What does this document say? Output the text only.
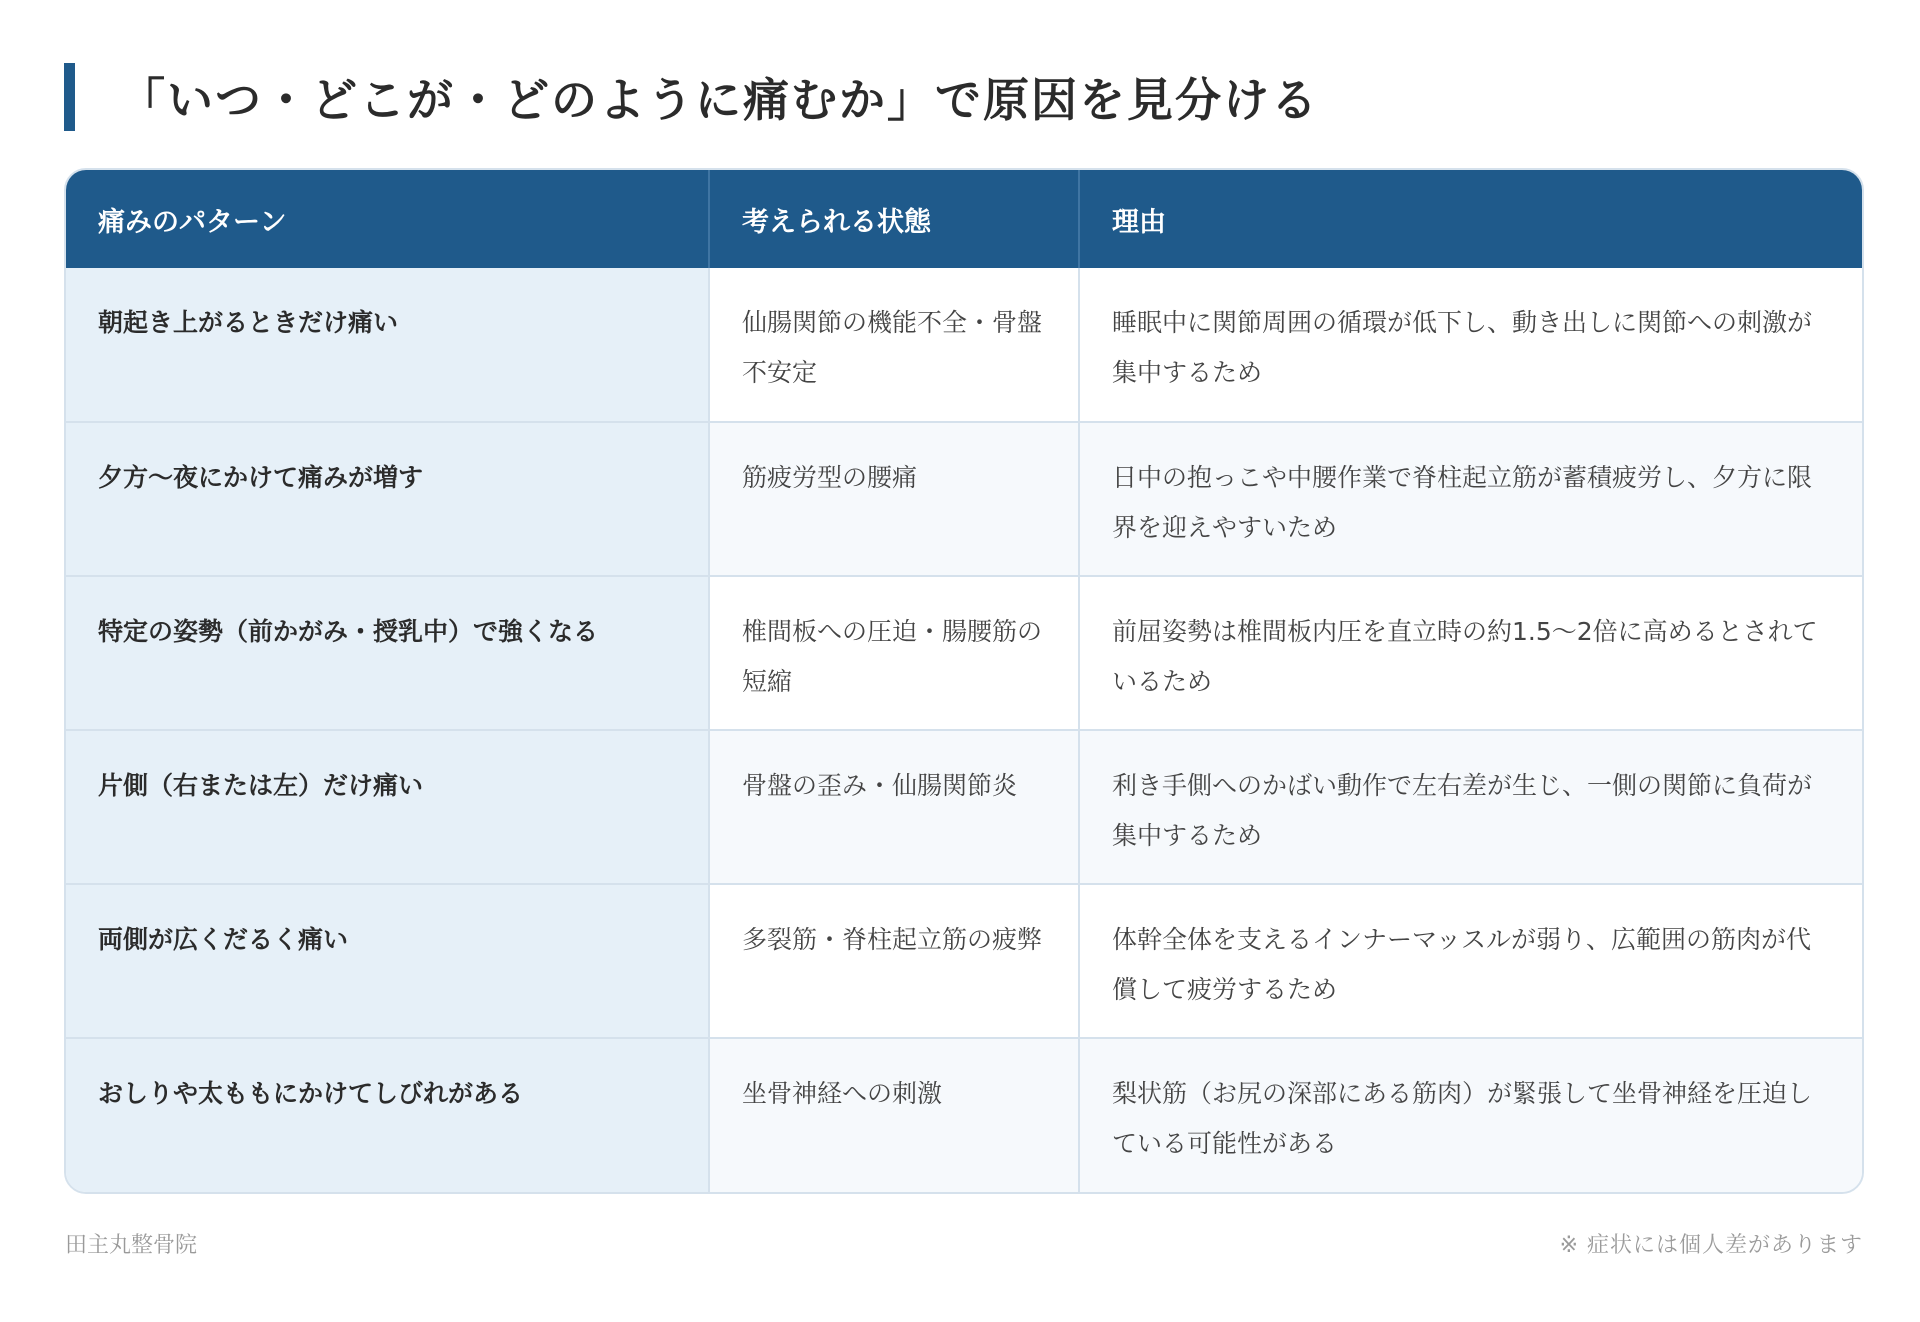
「いつ・どこが・どのように痛むか」で原因を見分ける
痛みのパターン	考えられる状態	理由
朝起き上がるときだけ痛い	仙腸関節の機能不全・骨盤不安定	睡眠中に関節周囲の循環が低下し、動き出しに関節への刺激が集中するため
夕方〜夜にかけて痛みが増す	筋疲労型の腰痛	日中の抱っこや中腰作業で脊柱起立筋が蓄積疲労し、夕方に限界を迎えやすいため
特定の姿勢（前かがみ・授乳中）で強くなる	椎間板への圧迫・腸腰筋の短縮	前屈姿勢は椎間板内圧を直立時の約1.5〜2倍に高めるとされているため
片側（右または左）だけ痛い	骨盤の歪み・仙腸関節炎	利き手側へのかばい動作で左右差が生じ、一側の関節に負荷が集中するため
両側が広くだるく痛い	多裂筋・脊柱起立筋の疲弊	体幹全体を支えるインナーマッスルが弱り、広範囲の筋肉が代償して疲労するため
おしりや太ももにかけてしびれがある	坐骨神経への刺激	梨状筋（お尻の深部にある筋肉）が緊張して坐骨神経を圧迫している可能性がある
田主丸整骨院	※ 症状には個人差があります
